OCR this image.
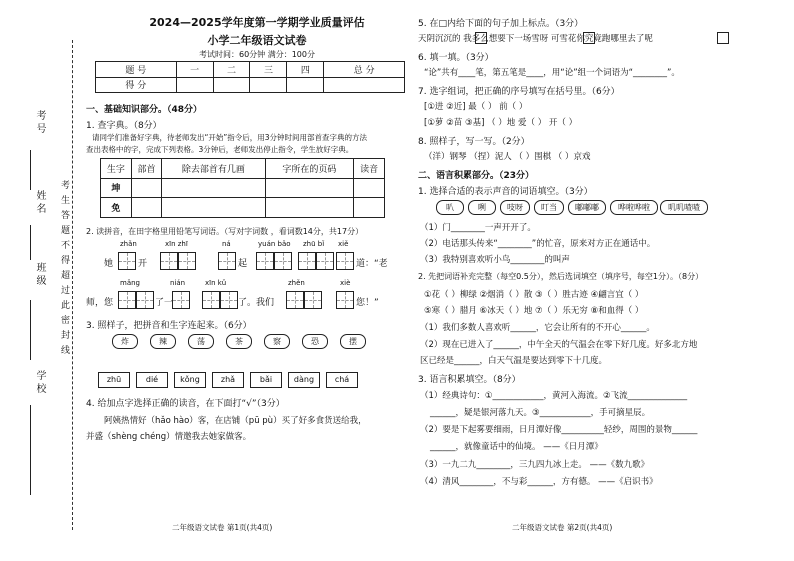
考号
姓名
班级
学校
考生答题不得超过此密封线
2024—2025学年度第一学期学业质量评估
小学二年级语文试卷
考试时间：60分钟 满分：100分
题 号	一	二	三	四	总 分
得 分					
一、基础知识部分。（48分）
1. 查字典。（8分）
请同学们准备好字典，待老师发出“开始”指令后，用3分钟时间用部首查字典的方法
查出表格中的字，完成下列表格。3分钟后，老师发出停止指令，学生放好字典。
生字	部首	除去部首有几画	字所在的页码	读音
坤				
免				
2. 读拼音，在田字格里用铅笔写词语。（写对字词数 ，看词数14分，共17分）
zhǎn	xīn zhī	ná	yuán bǎo zhū bǐ xiě
她	开	起	道：“老
mǎng	nián	xīn kǔ	zhěn	xiè
师，您	了一	了。我们	您！”
3. 照样子，把拼音和生字连起来。（6分）
炸	辣	荡	茶	察	恐	摆
zhū	dié	kǒng	zhǎ	bǎi	dàng	chá
4. 给加点字选择正确的读音，在下面打“√”（3分）
阿姨热情好（hǎo hào）客，在店铺（pū pù）买了好多食货送给我，
并盛（shèng chéng）情邀我去她家做客。
二年级语文试卷 第1页(共4页)
5. 在□内给下面的句子加上标点。（3分）
天阴沉沉的 我多么想要下一场雪呀 可雪花你究竟跑哪里去了呢
6. 填一填。（3分）
“论”共有____笔，第五笔是____，用“论”组一个词语为“________”。
7. 选字组词，把正确的序号填写在括号里。（6分）
[①进 ②近] 最（ ） 前（ ）
[①萝 ②苗 ③基] （ ）地 爱（ ） 开（ ）
8. 照样子，写一写。（2分）
（洋）钢琴 （捏）泥人 （ ）围棋 （ ）京戏
二、语言积累部分。（23分）
1. 选择合适的表示声音的词语填空。（3分）
叭	咧	吱呀	叮当	嘟嘟嘟	哗啦哗啦	叽叽喳喳
（1）门________一声开开了。
（2）电话那头传来“________”的忙音，原来对方正在通话中。
（3）我特别喜欢听小鸟________的叫声
2. 先把词语补充完整（每空0.5分），然后选词填空（填序号，每空1分）。（8分）
①花（ ）柳绿 ②烟消（ ）散 ③（ ）胜古迹 ④翩言宜（ ）
⑤寒（ ）腊月 ⑥冰天（ ）地 ⑦（ ）乐无穷 ⑧和血得（ ）
（1）我们多数人喜欢听______，它会让所有的不开心______。
（2）现在已进入了______，中午全天的气温会在零下好几度。好多北方地
区已经是______，白天气温是要达到零下十几度。
3. 语言积累填空。（8分）
（1）经典诗句：①____________，黄河入海流。②飞流______________
______，疑是银河落九天。③____________，手可摘星辰。
（2）要是下起雾要细雨，日月潭好像__________轻纱，周围的景物______
______，就像童话中的仙境。 ——《日月潭》
（3）一九二九________，三九四九冰上走。 ——《数九歌》
（4）清风________，不与彩______，方有德。 ——《启识书》
二年级语文试卷 第2页(共4页)
